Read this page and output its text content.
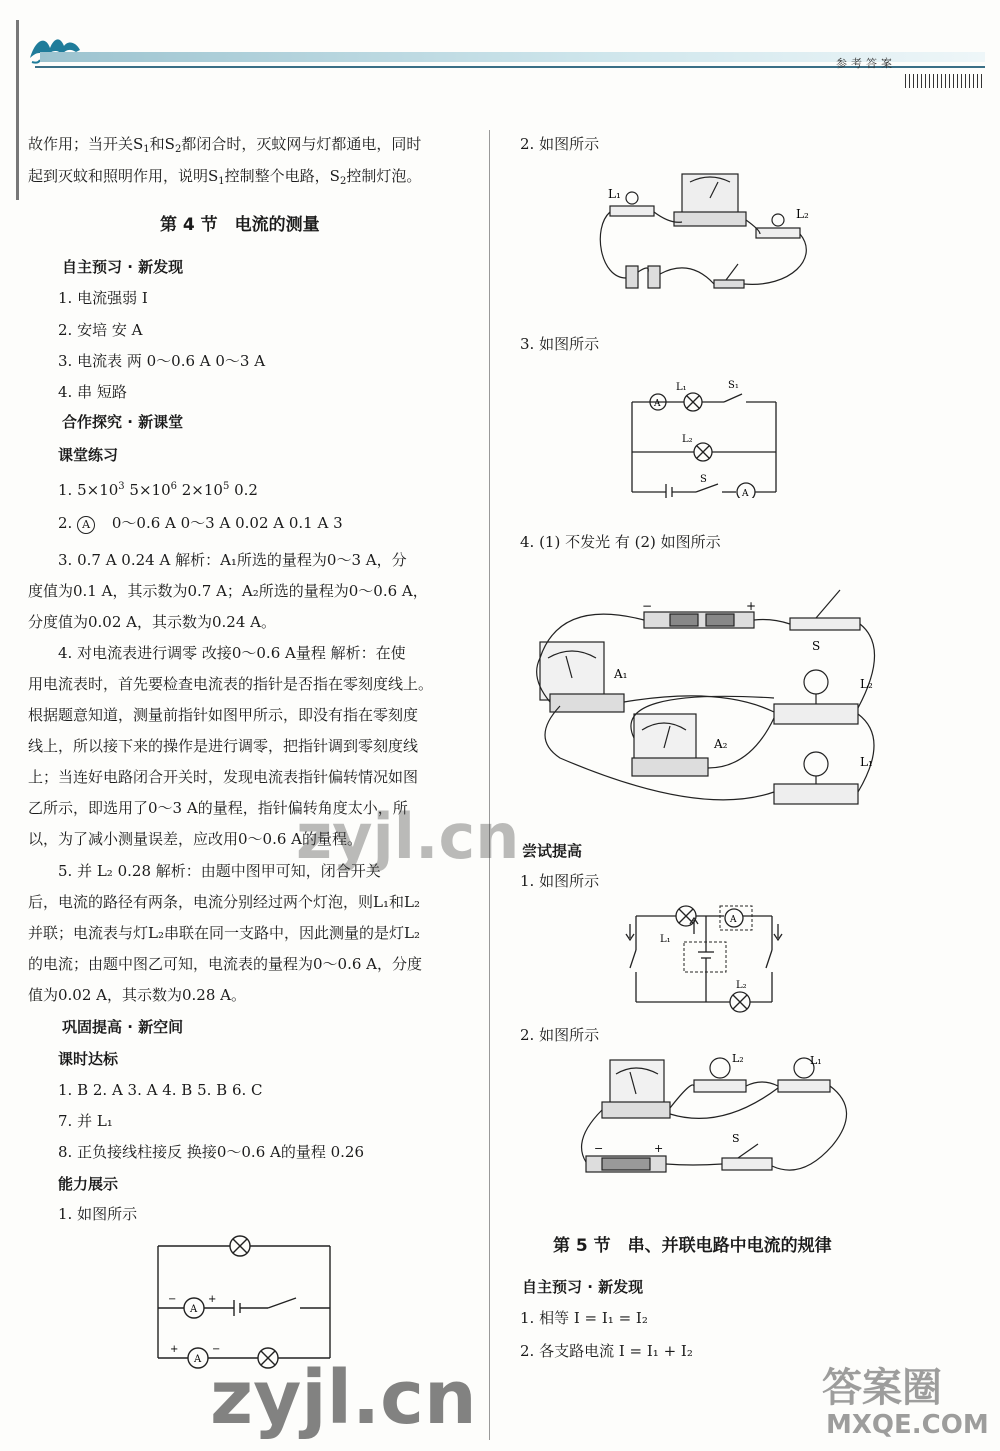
参考答案
故作用；当开关$S_1$和$S_2$都闭合时，灭蚊网与灯都通电，同时
起到灭蚊和照明作用，说明$S_1$控制整个电路，$S_2$控制灯泡。
第 4 节　电流的测量
自主预习 · 新发现
1. 电流强弱 I
2. 安培 安 A
3. 电流表 两 0～0.6 A 0～3 A
4. 串 短路
合作探究 · 新课堂
课堂练习
1. $5\times 10^3$ $5\times 10^6$ $2\times 10^5$ 0.2
2. A 0～0.6 A 0～3 A 0.02 A 0.1 A 3
3. 0.7 A 0.24 A 解析：A₁所选的量程为0～3 A，分
度值为0.1 A，其示数为0.7 A；A₂所选的量程为0～0.6 A，
分度值为0.02 A，其示数为0.24 A。
4. 对电流表进行调零 改接0～0.6 A量程 解析：在使
用电流表时，首先要检查电流表的指针是否指在零刻度线上。
根据题意知道，测量前指针如图甲所示，即没有指在零刻度
线上，所以接下来的操作是进行调零，把指针调到零刻度线
上；当连好电路闭合开关时，发现电流表指针偏转情况如图
乙所示，即选用了0～3 A的量程，指针偏转角度太小，所
以，为了减小测量误差，应改用0～0.6 A的量程。
5. 并 L₂ 0.28 解析：由题中图甲可知，闭合开关
后，电流的路径有两条，电流分别经过两个灯泡，则L₁和L₂
并联；电流表与灯L₂串联在同一支路中，因此测量的是灯L₂
的电流；由题中图乙可知，电流表的量程为0～0.6 A，分度
值为0.02 A，其示数为0.28 A。
巩固提高 · 新空间
课时达标
1. B 2. A 3. A 4. B 5. B 6. C
7. 并 L₁
8. 正负接线柱接反 换接0～0.6 A的量程 0.26
能力展示
1. 如图所示
A
A
−	+
+	−
2. 如图所示
L₁
L₂
3. 如图所示
A
A
L₁	S₁
L₂
S
4. (1) 不发光 有 (2) 如图所示
A₁
A₂
S
L₂
L₁
−	+
尝试提高
1. 如图所示
A
L₁
L₂
2. 如图所示
L₂	L₁
S
−	+
第 5 节　串、并联电路中电流的规律
自主预习 · 新发现
1. 相等 I = I₁ = I₂
2. 各支路电流 I = I₁ + I₂
zyjl.cn
zyjl.cn	答案圈
MXQE.COM
